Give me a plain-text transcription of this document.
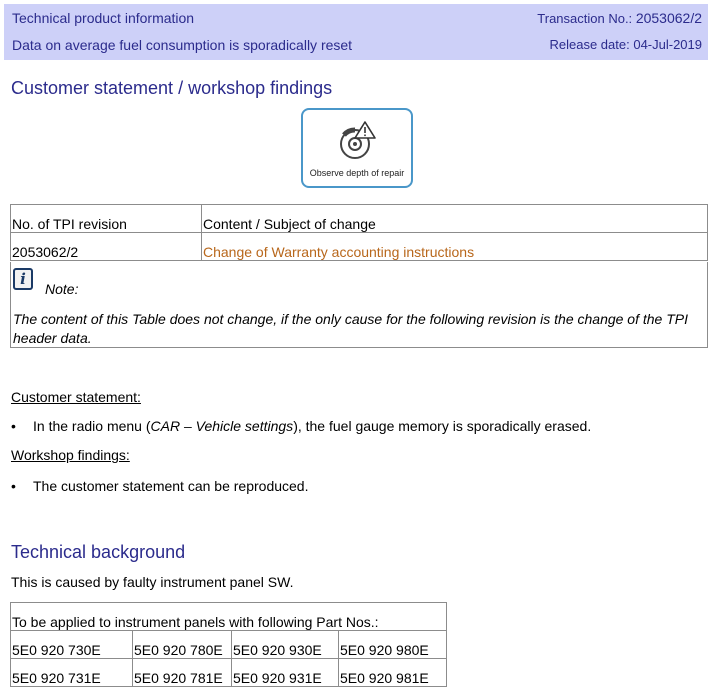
Technical product information
Data on average fuel consumption is sporadically reset
Transaction No.: 2053062/2
Release date: 04-Jul-2019
Customer statement / workshop findings
Observe depth of repair
No. of TPI revision	Content / Subject of change
2053062/2	Change of Warranty accounting instructions
i
Note:
The content of this Table does not change, if the only cause for the following revision is the change of the TPI header data.
Customer statement:
• In the radio menu (CAR – Vehicle settings), the fuel gauge memory is sporadically erased.
Workshop findings:
• The customer statement can be reproduced.
Technical background
This is caused by faulty instrument panel SW.
To be applied to instrument panels with following Part Nos.:			
5E0 920 730E	5E0 920 780E	5E0 920 930E	5E0 920 980E
5E0 920 731E	5E0 920 781E	5E0 920 931E	5E0 920 981E
